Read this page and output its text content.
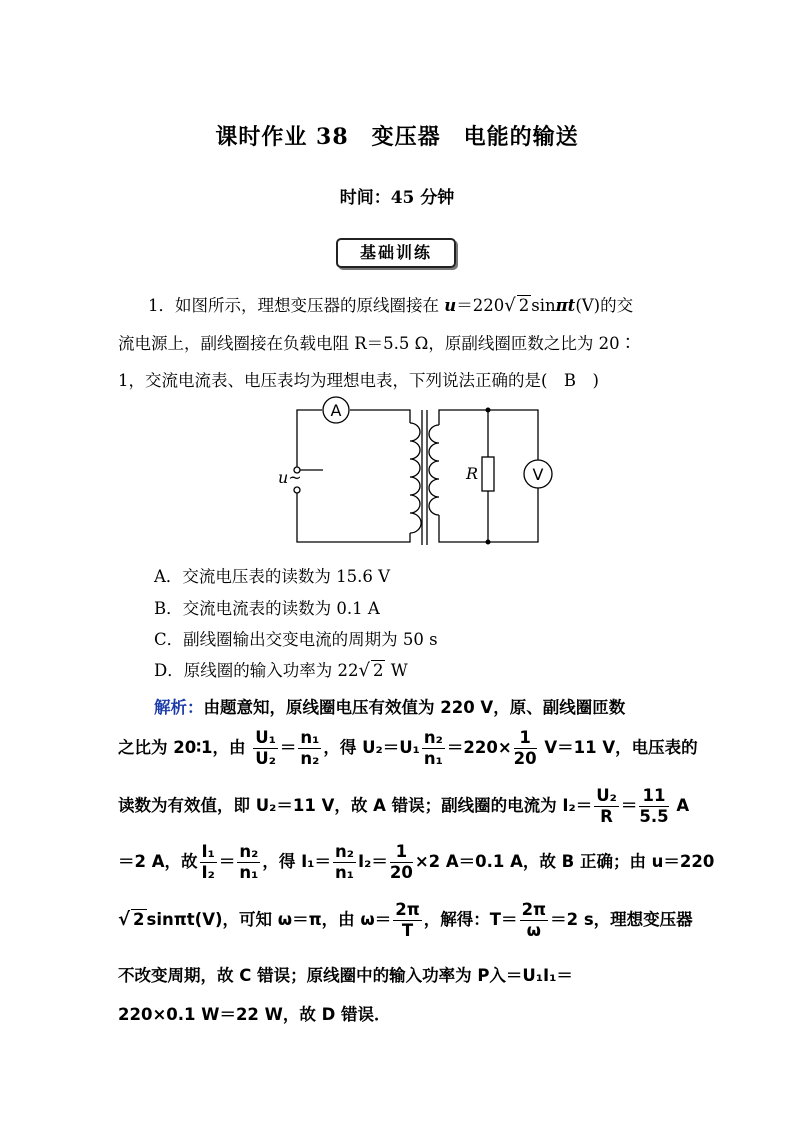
课时作业 38　变压器　电能的输送
时间：45 分钟
基础训练
1．如图所示，理想变压器的原线圈接在 u＝220√ 2 sinπt(V)的交
流电源上，副线圈接在负载电阻 R＝5.5 Ω，原副线圈匝数之比为 20∶
1，交流电流表、电压表均为理想电表，下列说法正确的是(　B　)
A
V
u~	R
A．交流电压表的读数为 15.6 V
B．交流电流表的读数为 0.1 A
C．副线圈输出交变电流的周期为 50 s
D．原线圈的输入功率为 22√ 2 W
解析：由题意知，原线圈电压有效值为 220 V，原、副线圈匝数
之比为 20∶1，由 $\frac{\text{U₁}}{\text{U₂}} = \frac{\text{n₁}}{\text{n₂}}$ ，得 $U_2=U_1 \frac{\text{n₂}}{\text{n₁}} =220\times \frac{1}{20} V=11$ V，电压表的
读数为有效值，即 U₂＝11 V，故 A 错误；副线圈的电流为 $I_2= \frac{\text{U₂}}{R} = \frac{11}{5.5}$ A
＝2 A，故 $\frac{\text{I₁}}{\text{I₂}} = \frac{\text{n₂}}{\text{n₁}}$ ，得 $I_1= \frac{\text{n₂}}{\text{n₁}} I_2= \frac{1}{20} \times 2$ A＝0.1 A，故 B 正确；由 u＝220
√ 2 sinπt(V)，可知 ω＝π，由 $\omega= \frac{2\pi}{T}$ ，解得：$T= \frac{2\pi}{\omega} =2$ s，理想变压器
不改变周期，故 C 错误；原线圈中的输入功率为 P入＝U₁I₁＝
220×0.1 W＝22 W，故 D 错误．
